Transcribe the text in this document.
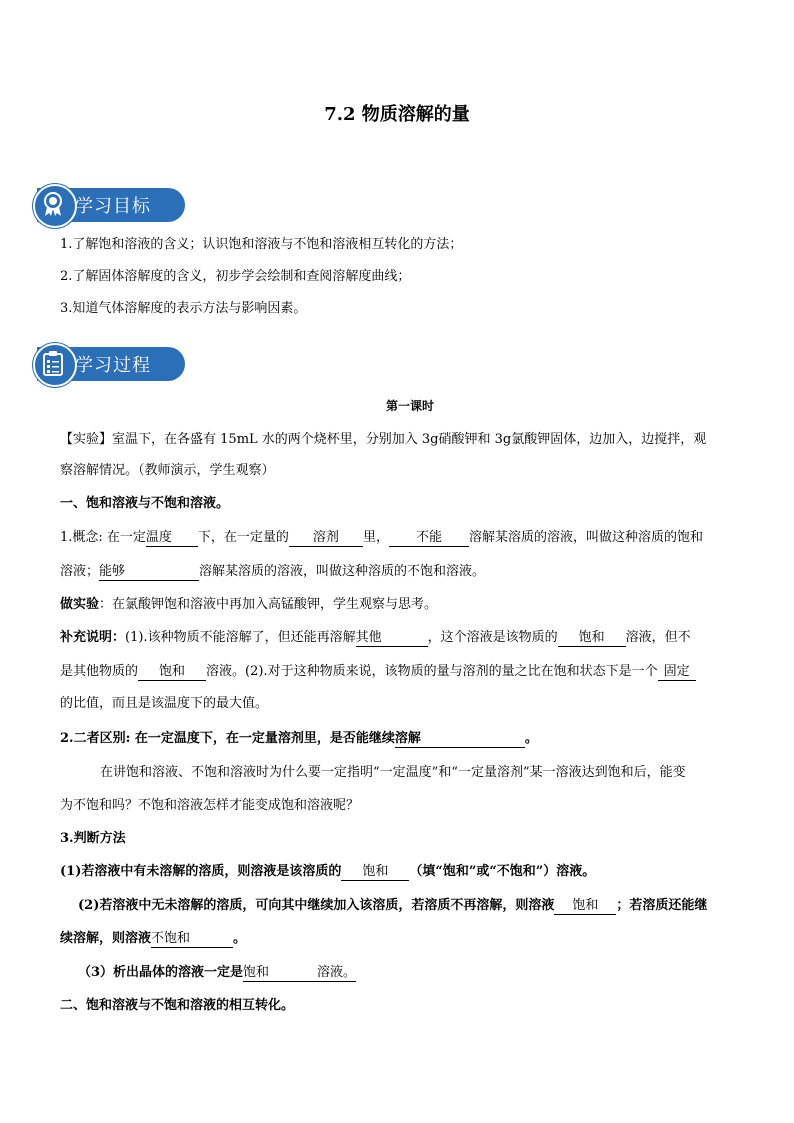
7.2 物质溶解的量
学习目标
1.了解饱和溶液的含义；认识饱和溶液与不饱和溶液相互转化的方法；
2.了解固体溶解度的含义，初步学会绘制和查阅溶解度曲线；
3.知道气体溶解度的表示方法与影响因素。
学习过程
第一课时
【实验】室温下，在各盛有 15mL 水的两个烧杯里，分别加入 3g硝酸钾和 3g氯酸钾固体，边加入，边搅拌，观
察溶解情况。（教师演示，学生观察）
一、饱和溶液与不饱和溶液。
1.概念: 在一定温度 下，在一定量的 溶剂 里， 不能 溶解某溶质的溶液，叫做这种溶质的饱和
溶液；能够	溶解某溶质的溶液，叫做这种溶质的不饱和溶液。
做实验：在氯酸钾饱和溶液中再加入高锰酸钾，学生观察与思考。
补充说明：(1).该种物质不能溶解了，但还能再溶解其他	，这个溶液是该物质的 饱和 溶液，但不
是其他物质的 饱和 溶液。(2).对于这种物质来说，该物质的量与溶剂的量之比在饱和状态下是一个 固定
的比值，而且是该温度下的最大值。
2.二者区别: 在一定温度下，在一定量溶剂里，是否能继续溶解	。
在讲饱和溶液、不饱和溶液时为什么要一定指明“一定温度”和“一定量溶剂”某一溶液达到饱和后，能变
为不饱和吗？不饱和溶液怎样才能变成饱和溶液呢？
3.判断方法
(1)若溶液中有未溶解的溶质，则溶液是该溶质的 饱和 （填“饱和”或“不饱和”）溶液。
(2)若溶液中无未溶解的溶质，可向其中继续加入该溶质，若溶质不再溶解，则溶液 饱和 ；若溶质还能继
续溶解，则溶液不饱和	。
（3）析出晶体的溶液一定是饱和	溶液。
二、饱和溶液与不饱和溶液的相互转化。
